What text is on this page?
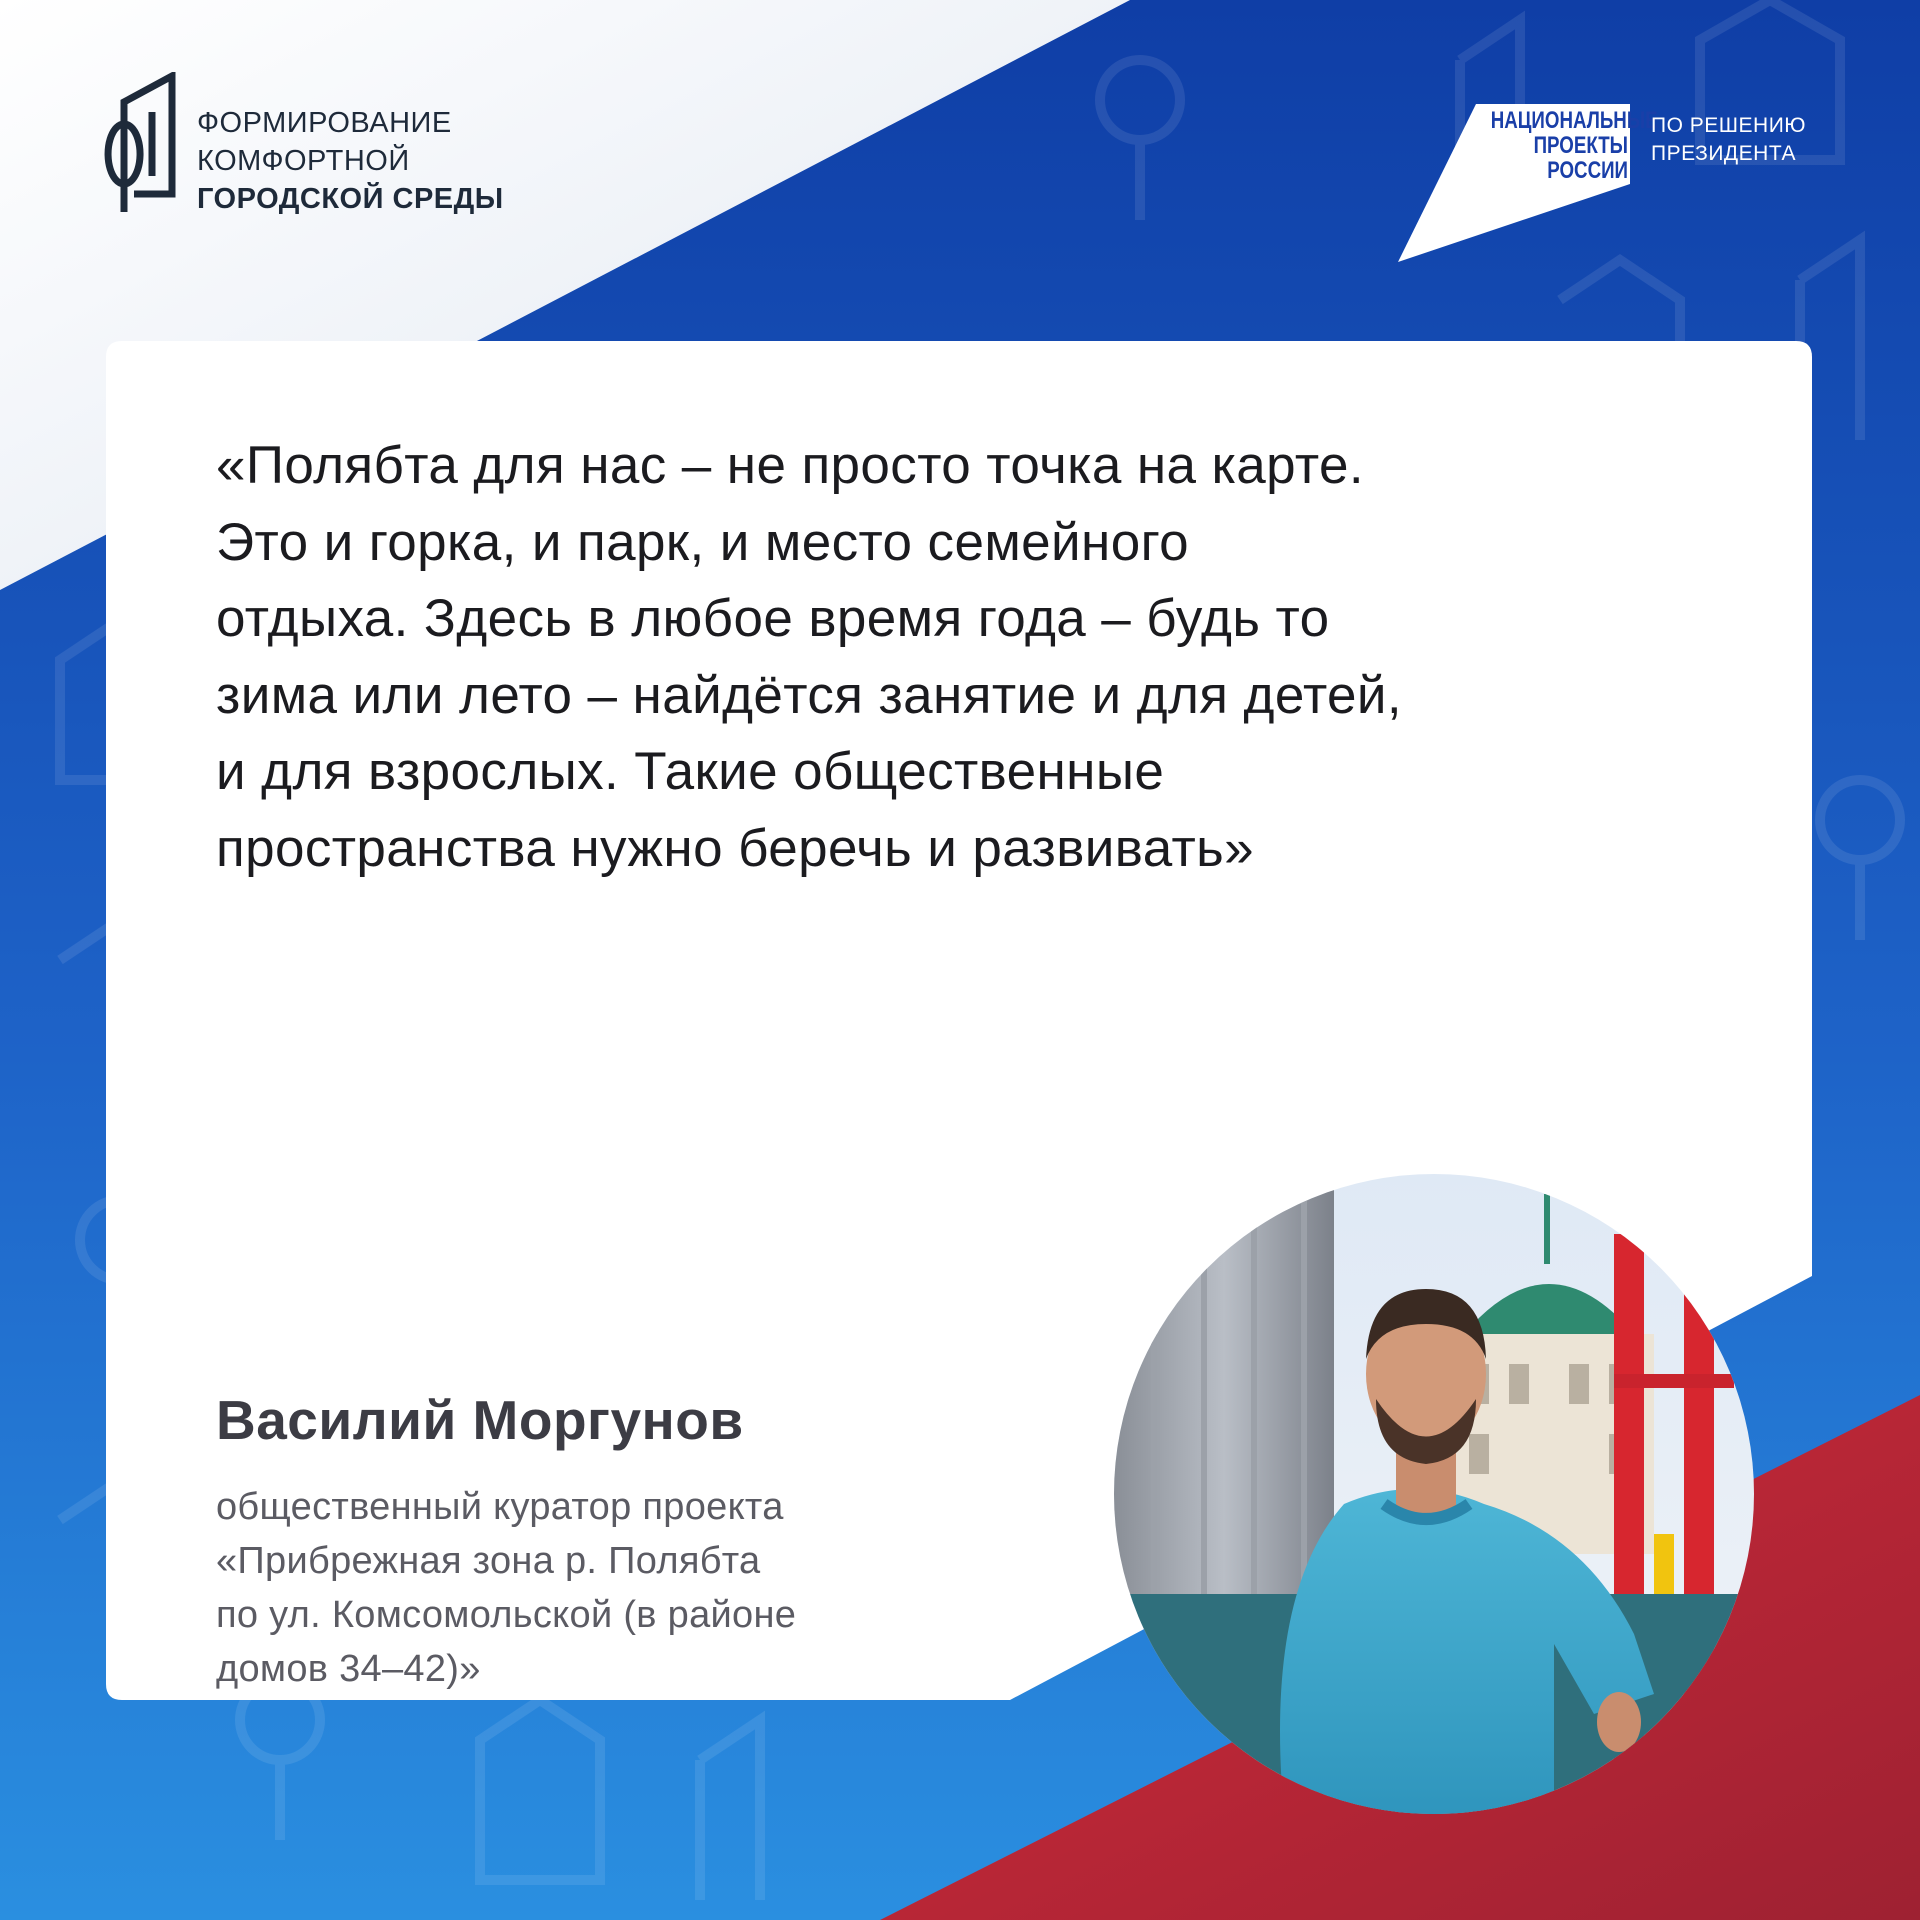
ФОРМИРОВАНИЕ
КОМФОРТНОЙ
ГОРОДСКОЙ СРЕДЫ
НАЦИОНАЛЬНЫЕ
ПРОЕКТЫ
РОССИИ
ПО РЕШЕНИЮ
ПРЕЗИДЕНТА
«Полябта для нас – не просто точка на карте.
Это и горка, и парк, и место семейного
отдыха. Здесь в любое время года – будь то
зима или лето – найдётся занятие и для детей,
и для взрослых. Такие общественные
пространства нужно беречь и развивать»
Василий Моргунов
общественный куратор проекта
«Прибрежная зона р. Полябта
по ул. Комсомольской (в районе
домов 34–42)»
